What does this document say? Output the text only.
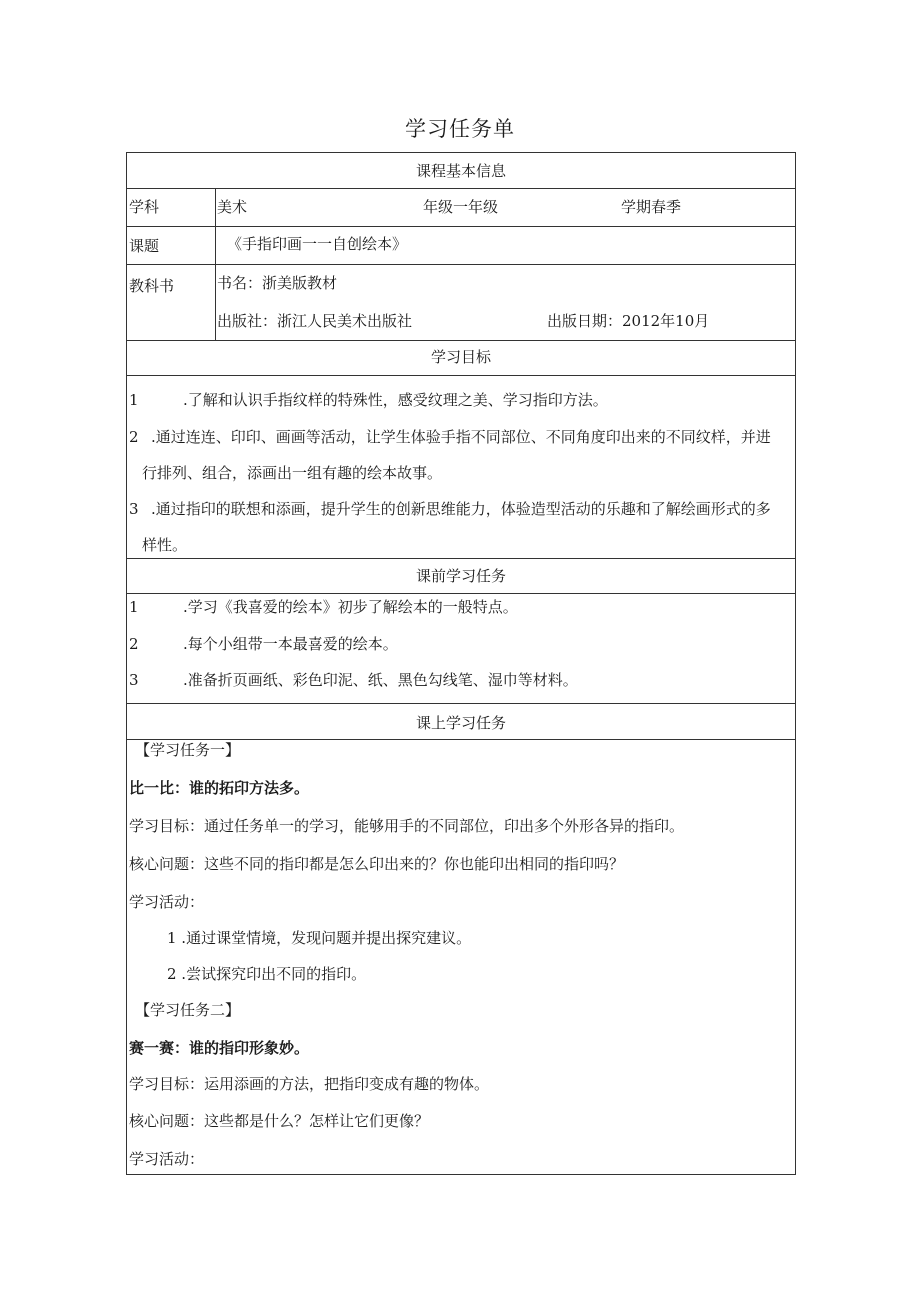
学习任务单
课程基本信息
学科	美术	年级一年级	学期春季
课题	《手指印画一一自创绘本》
教科书	书名：浙美版教材
出版社：浙江人民美术出版社	出版日期：2012年10月
学习目标
1	.了解和认识手指纹样的特殊性，感受纹理之美、学习指印方法。
2 .通过连连、印印、画画等活动，让学生体验手指不同部位、不同角度印出来的不同纹样，并进
行排列、组合，添画出一组有趣的绘本故事。
3 .通过指印的联想和添画，提升学生的创新思维能力，体验造型活动的乐趣和了解绘画形式的多
样性。
课前学习任务
1	.学习《我喜爱的绘本》初步了解绘本的一般特点。
2	.每个小组带一本最喜爱的绘本。
3	.准备折页画纸、彩色印泥、纸、黑色勾线笔、湿巾等材料。
课上学习任务
【学习任务一】
比一比：谁的拓印方法多。
学习目标：通过任务单一的学习，能够用手的不同部位，印出多个外形各异的指印。
核心问题：这些不同的指印都是怎么印出来的？你也能印出相同的指印吗？
学习活动：
1 .通过课堂情境，发现问题并提出探究建议。
2 .尝试探究印出不同的指印。
【学习任务二】
赛一赛：谁的指印形象妙。
学习目标：运用添画的方法，把指印变成有趣的物体。
核心问题：这些都是什么？怎样让它们更像？
学习活动：
